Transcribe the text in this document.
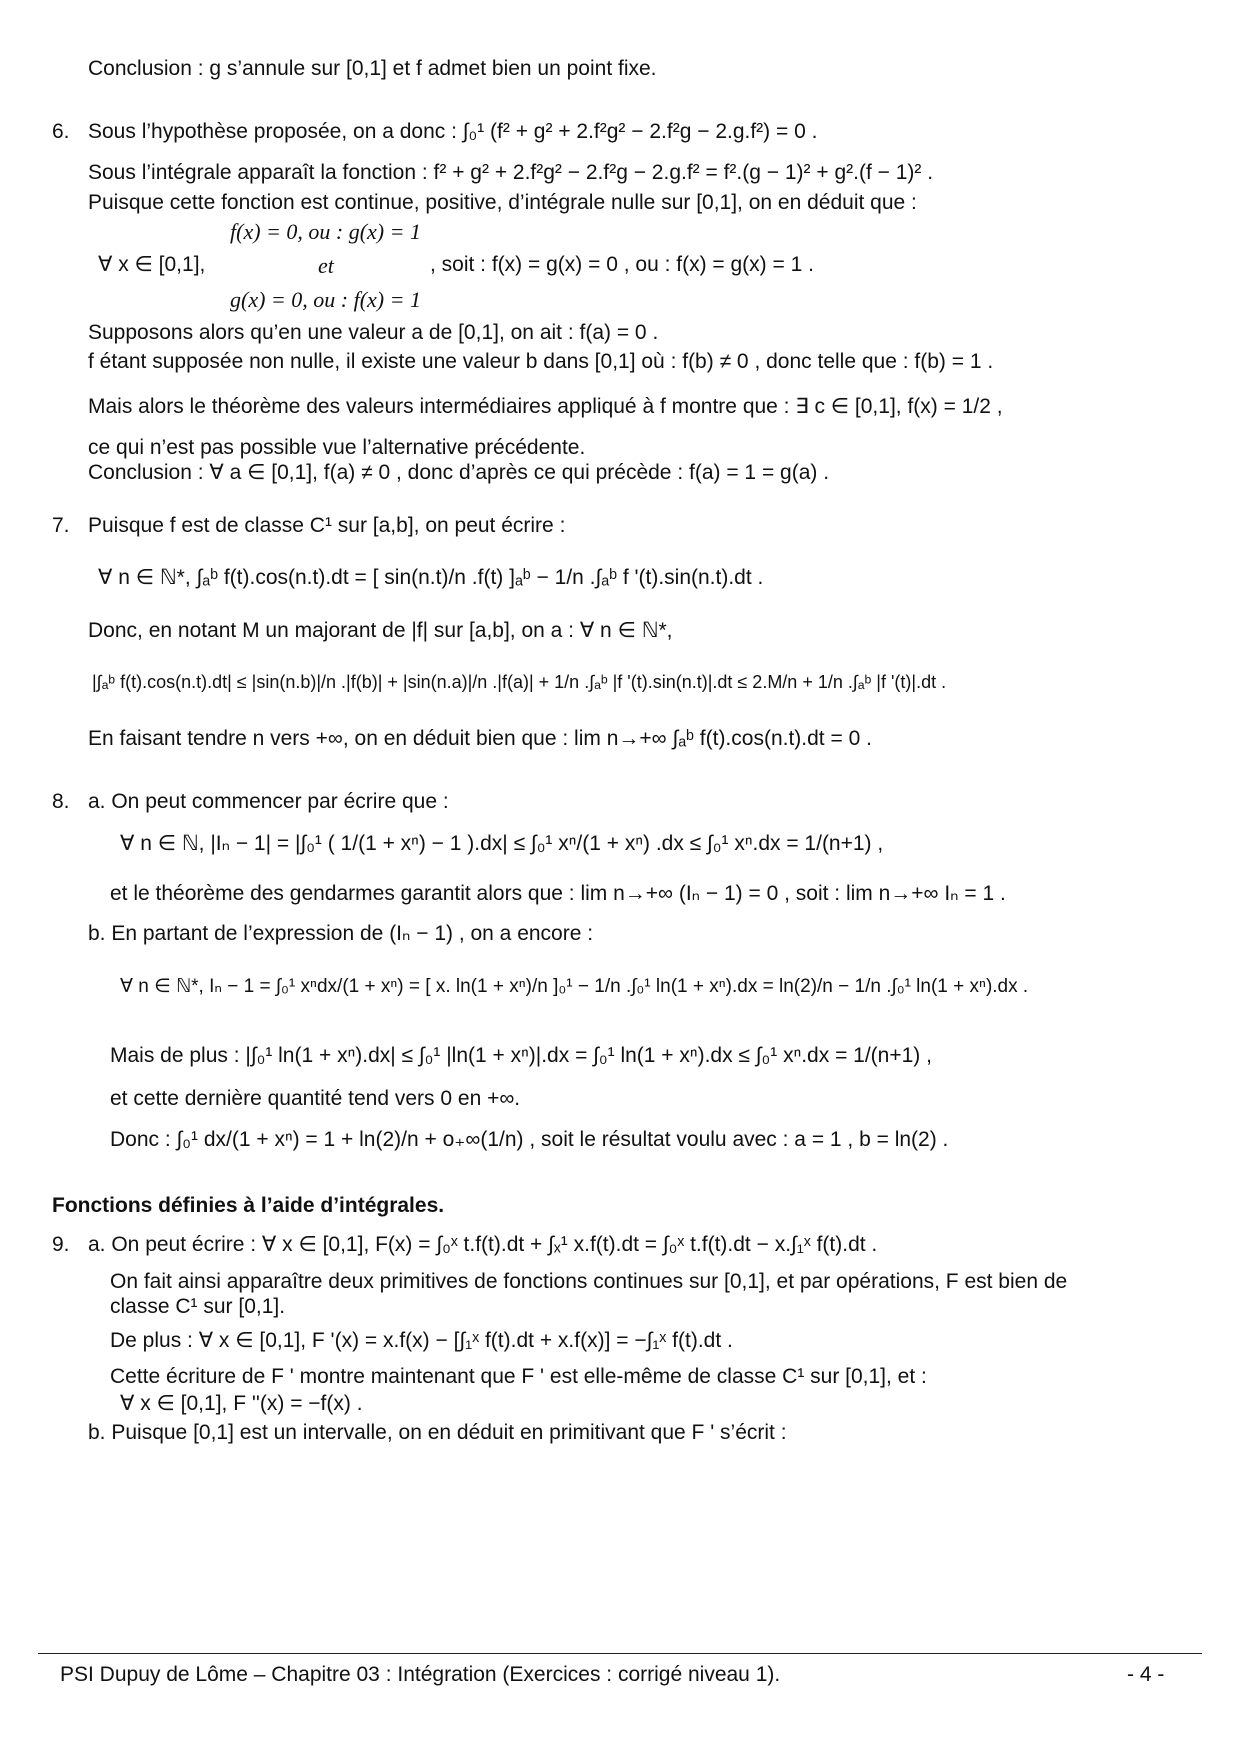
Conclusion : g s’annule sur [0,1] et f admet bien un point fixe.
6. Sous l’hypothèse proposée, on a donc : ∫₀¹ (f² + g² + 2.f²g² − 2.f²g − 2.g.f²) = 0 .
Sous l’intégrale apparaît la fonction : f² + g² + 2.f²g² − 2.f²g − 2.g.f² = f².(g − 1)² + g².(f − 1)² .
Puisque cette fonction est continue, positive, d’intégrale nulle sur [0,1], on en déduit que :
f(x) = 0, ou : g(x) = 1
∀ x ∈ [0,1],	et	, soit : f(x) = g(x) = 0 , ou : f(x) = g(x) = 1 .
g(x) = 0, ou : f(x) = 1
Supposons alors qu’en une valeur a de [0,1], on ait : f(a) = 0 .
f étant supposée non nulle, il existe une valeur b dans [0,1] où : f(b) ≠ 0 , donc telle que : f(b) = 1 .
Mais alors le théorème des valeurs intermédiaires appliqué à f montre que : ∃ c ∈ [0,1], f(x) = 1/2 ,
ce qui n’est pas possible vue l’alternative précédente.
Conclusion : ∀ a ∈ [0,1], f(a) ≠ 0 , donc d’après ce qui précède : f(a) = 1 = g(a) .
7. Puisque f est de classe C¹ sur [a,b], on peut écrire :
∀ n ∈ ℕ*, ∫ₐᵇ f(t).cos(n.t).dt = [ sin(n.t)/n .f(t) ]ₐᵇ − 1/n .∫ₐᵇ f '(t).sin(n.t).dt .
Donc, en notant M un majorant de |f| sur [a,b], on a : ∀ n ∈ ℕ*,
|∫ₐᵇ f(t).cos(n.t).dt| ≤ |sin(n.b)|/n .|f(b)| + |sin(n.a)|/n .|f(a)| + 1/n .∫ₐᵇ |f '(t).sin(n.t)|.dt ≤ 2.M/n + 1/n .∫ₐᵇ |f '(t)|.dt .
En faisant tendre n vers +∞, on en déduit bien que : lim n→+∞ ∫ₐᵇ f(t).cos(n.t).dt = 0 .
8. a. On peut commencer par écrire que :
∀ n ∈ ℕ, |Iₙ − 1| = |∫₀¹ ( 1/(1 + xⁿ) − 1 ).dx| ≤ ∫₀¹ xⁿ/(1 + xⁿ) .dx ≤ ∫₀¹ xⁿ.dx = 1/(n+1) ,
et le théorème des gendarmes garantit alors que : lim n→+∞ (Iₙ − 1) = 0 , soit : lim n→+∞ Iₙ = 1 .
b. En partant de l’expression de (Iₙ − 1) , on a encore :
∀ n ∈ ℕ*, Iₙ − 1 = ∫₀¹ xⁿdx/(1 + xⁿ) = [ x. ln(1 + xⁿ)/n ]₀¹ − 1/n .∫₀¹ ln(1 + xⁿ).dx = ln(2)/n − 1/n .∫₀¹ ln(1 + xⁿ).dx .
Mais de plus : |∫₀¹ ln(1 + xⁿ).dx| ≤ ∫₀¹ |ln(1 + xⁿ)|.dx = ∫₀¹ ln(1 + xⁿ).dx ≤ ∫₀¹ xⁿ.dx = 1/(n+1) ,
et cette dernière quantité tend vers 0 en +∞.
Donc : ∫₀¹ dx/(1 + xⁿ) = 1 + ln(2)/n + o₊∞(1/n) , soit le résultat voulu avec : a = 1 , b = ln(2) .
Fonctions définies à l’aide d’intégrales.
9. a. On peut écrire : ∀ x ∈ [0,1], F(x) = ∫₀ˣ t.f(t).dt + ∫ₓ¹ x.f(t).dt = ∫₀ˣ t.f(t).dt − x.∫₁ˣ f(t).dt .
On fait ainsi apparaître deux primitives de fonctions continues sur [0,1], et par opérations, F est bien de
classe C¹ sur [0,1].
De plus : ∀ x ∈ [0,1], F '(x) = x.f(x) − [∫₁ˣ f(t).dt + x.f(x)] = −∫₁ˣ f(t).dt .
Cette écriture de F ' montre maintenant que F ' est elle-même de classe C¹ sur [0,1], et :
∀ x ∈ [0,1], F ''(x) = −f(x) .
b. Puisque [0,1] est un intervalle, on en déduit en primitivant que F ' s’écrit :
PSI Dupuy de Lôme – Chapitre 03 : Intégration (Exercices : corrigé niveau 1).	- 4 -
